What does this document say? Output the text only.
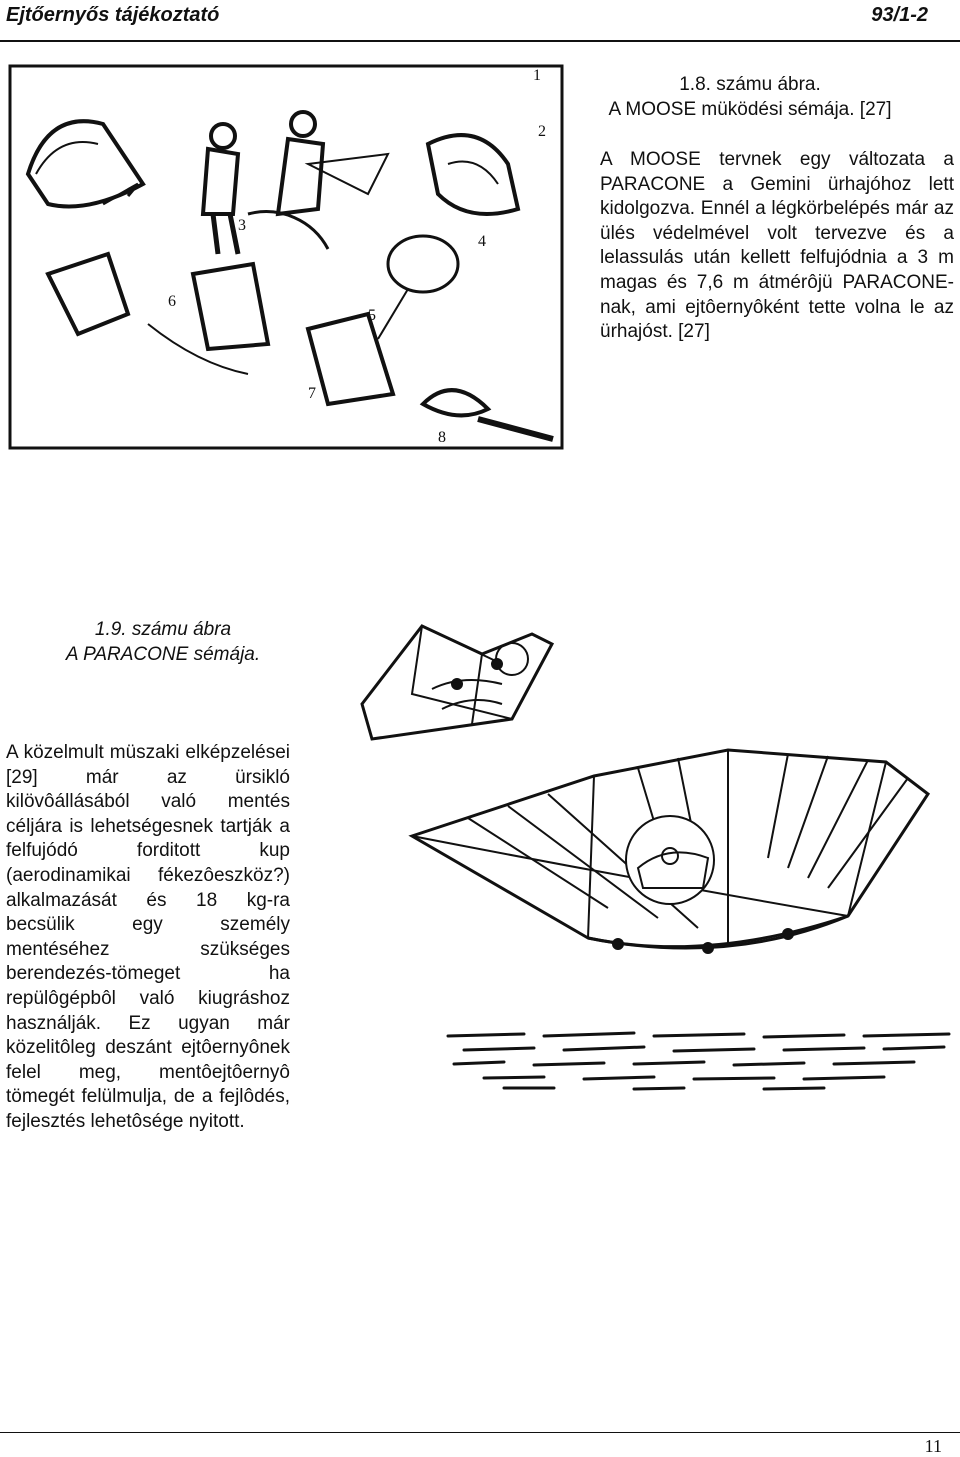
Ejtőernyős tájékoztató	93/1-2
1
2
3
4
5
6
7
8
1.8. számu ábra.
A MOOSE müködési sémája. [27]

A MOOSE tervnek egy változata a PARACONE a Gemini ürhajóhoz lett kidolgozva. Ennél a légkörbelépés már az ülés védelmével volt tervezve és a lelassulás után kellett felfujódnia a 3 m magas és 7,6 m átmérôjü PARACONE-nak, ami ejtôernyôként tette volna le az ürhajóst. [27]

1.9. számu ábra
A PARACONE sémája.

A közelmult müszaki elképzelései [29] már az ürsikló kilövôállásából való mentés céljára is lehetségesnek tartják a felfujódó forditott kup (aerodinamikai fékezôeszköz?) alkalmazását és 18 kg-ra becsülik egy személy mentéséhez szükséges berendezés-tömeget ha repülôgépbôl való kiugráshoz használják. Ez ugyan már közelitôleg deszánt ejtôernyônek felel meg, mentôejtôernyô tömegét felülmulja, de a fejlôdés, fejlesztés lehetôsége nyitott.

11
